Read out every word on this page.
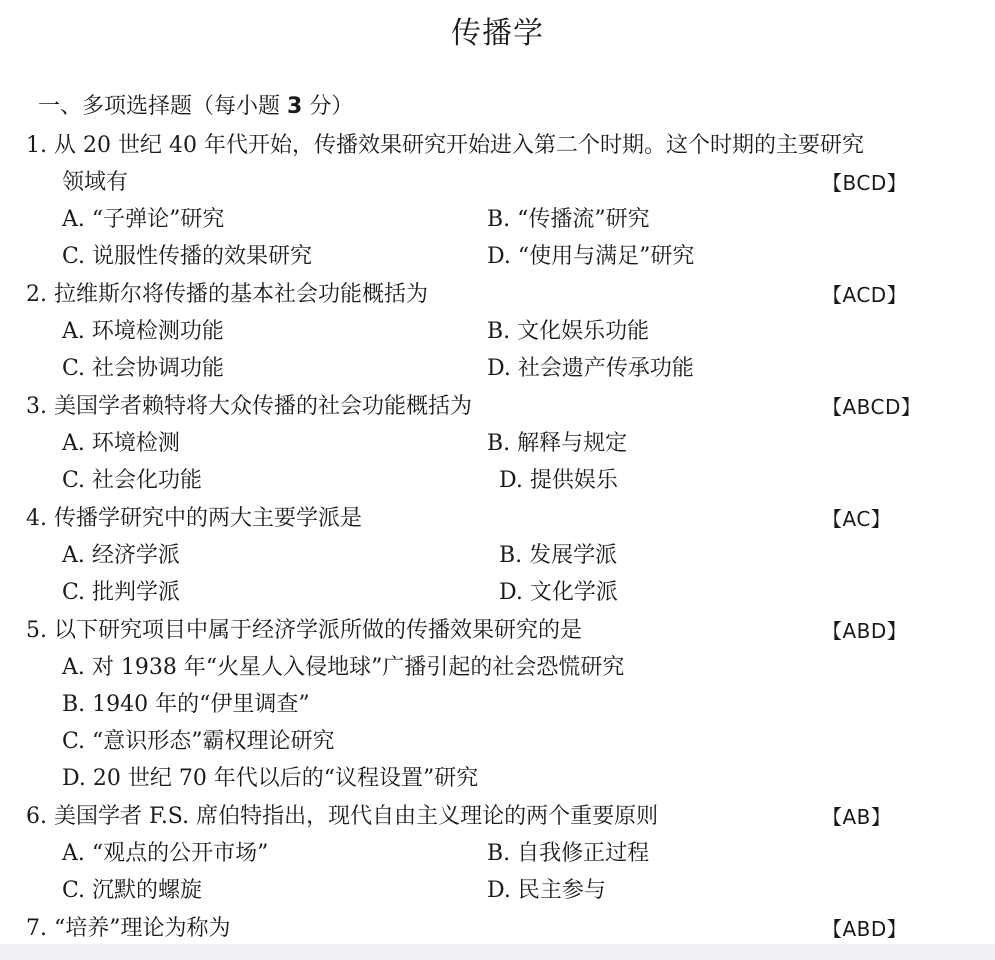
传播学
一、多项选择题（每小题 3 分）
1. 从 20 世纪 40 年代开始，传播效果研究开始进入第二个时期。这个时期的主要研究
领域有	【BCD】
A. “子弹论”研究	B. “传播流”研究
C. 说服性传播的效果研究	D. “使用与满足”研究
2. 拉维斯尔将传播的基本社会功能概括为	【ACD】
A. 环境检测功能	B. 文化娱乐功能
C. 社会协调功能	D. 社会遗产传承功能
3. 美国学者赖特将大众传播的社会功能概括为	【ABCD】
A. 环境检测	B. 解释与规定
C. 社会化功能	D. 提供娱乐
4. 传播学研究中的两大主要学派是	【AC】
A. 经济学派	B. 发展学派
C. 批判学派	D. 文化学派
5. 以下研究项目中属于经济学派所做的传播效果研究的是	【ABD】
A. 对 1938 年“火星人入侵地球”广播引起的社会恐慌研究
B. 1940 年的“伊里调查”
C. “意识形态”霸权理论研究
D. 20 世纪 70 年代以后的“议程设置”研究
6. 美国学者 F.S. 席伯特指出，现代自由主义理论的两个重要原则	【AB】
A. “观点的公开市场”	B. 自我修正过程
C. 沉默的螺旋	D. 民主参与
7. “培养”理论为称为	【ABD】
